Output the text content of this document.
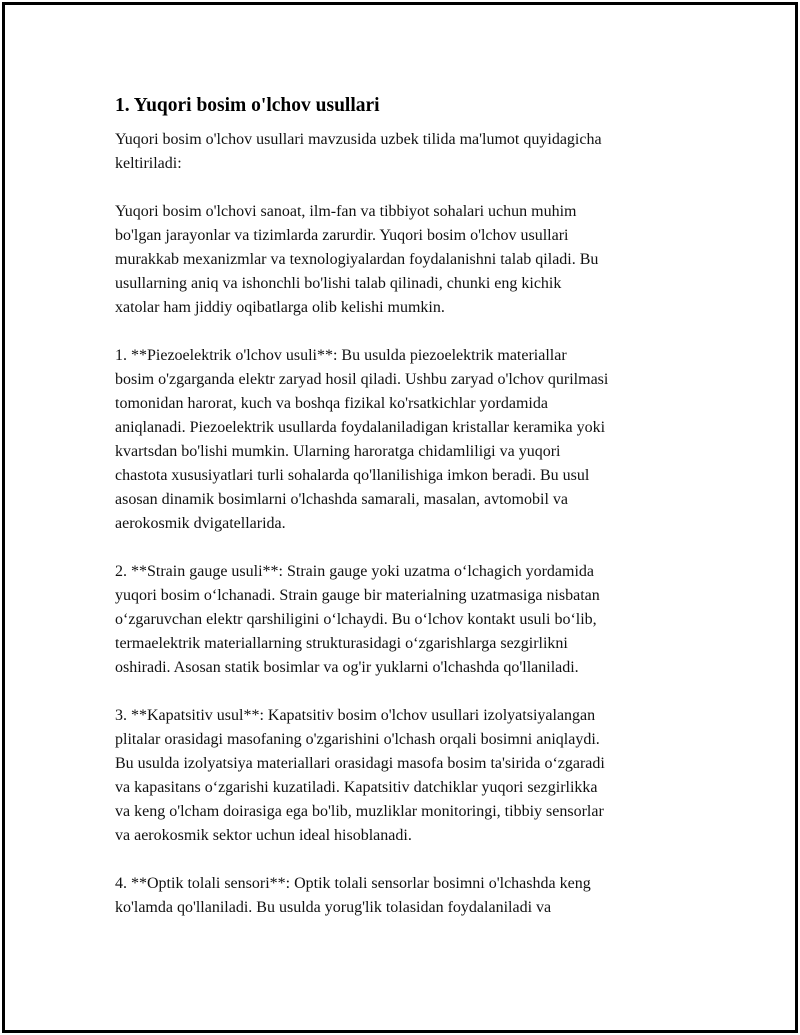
1. Yuqori bosim o'lchov usullari

Yuqori bosim o'lchov usullari mavzusida uzbek tilida ma'lumot quyidagicha
keltiriladi:

Yuqori bosim o'lchovi sanoat, ilm-fan va tibbiyot sohalari uchun muhim
bo'lgan jarayonlar va tizimlarda zarurdir. Yuqori bosim o'lchov usullari
murakkab mexanizmlar va texnologiyalardan foydalanishni talab qiladi. Bu
usullarning aniq va ishonchli bo'lishi talab qilinadi, chunki eng kichik
xatolar ham jiddiy oqibatlarga olib kelishi mumkin.

1. **Piezoelektrik o'lchov usuli**: Bu usulda piezoelektrik materiallar
bosim o'zgarganda elektr zaryad hosil qiladi. Ushbu zaryad o'lchov qurilmasi
tomonidan harorat, kuch va boshqa fizikal ko'rsatkichlar yordamida
aniqlanadi. Piezoelektrik usullarda foydalaniladigan kristallar keramika yoki
kvartsdan bo'lishi mumkin. Ularning haroratga chidamliligi va yuqori
chastota xususiyatlari turli sohalarda qo'llanilishiga imkon beradi. Bu usul
asosan dinamik bosimlarni o'lchashda samarali, masalan, avtomobil va
aerokosmik dvigatellarida.

2. **Strain gauge usuli**: Strain gauge yoki uzatma o‘lchagich yordamida
yuqori bosim o‘lchanadi. Strain gauge bir materialning uzatmasiga nisbatan
o‘zgaruvchan elektr qarshiligini o‘lchaydi. Bu o‘lchov kontakt usuli bo‘lib,
termaelektrik materiallarning strukturasidagi o‘zgarishlarga sezgirlikni
oshiradi. Asosan statik bosimlar va og'ir yuklarni o'lchashda qo'llaniladi.

3. **Kapatsitiv usul**: Kapatsitiv bosim o'lchov usullari izolyatsiyalangan
plitalar orasidagi masofaning o'zgarishini o'lchash orqali bosimni aniqlaydi.
Bu usulda izolyatsiya materiallari orasidagi masofa bosim ta'sirida o‘zgaradi
va kapasitans o‘zgarishi kuzatiladi. Kapatsitiv datchiklar yuqori sezgirlikka
va keng o'lcham doirasiga ega bo'lib, muzliklar monitoringi, tibbiy sensorlar
va aerokosmik sektor uchun ideal hisoblanadi.

4. **Optik tolali sensori**: Optik tolali sensorlar bosimni o'lchashda keng
ko'lamda qo'llaniladi. Bu usulda yorug'lik tolasidan foydalaniladi va
